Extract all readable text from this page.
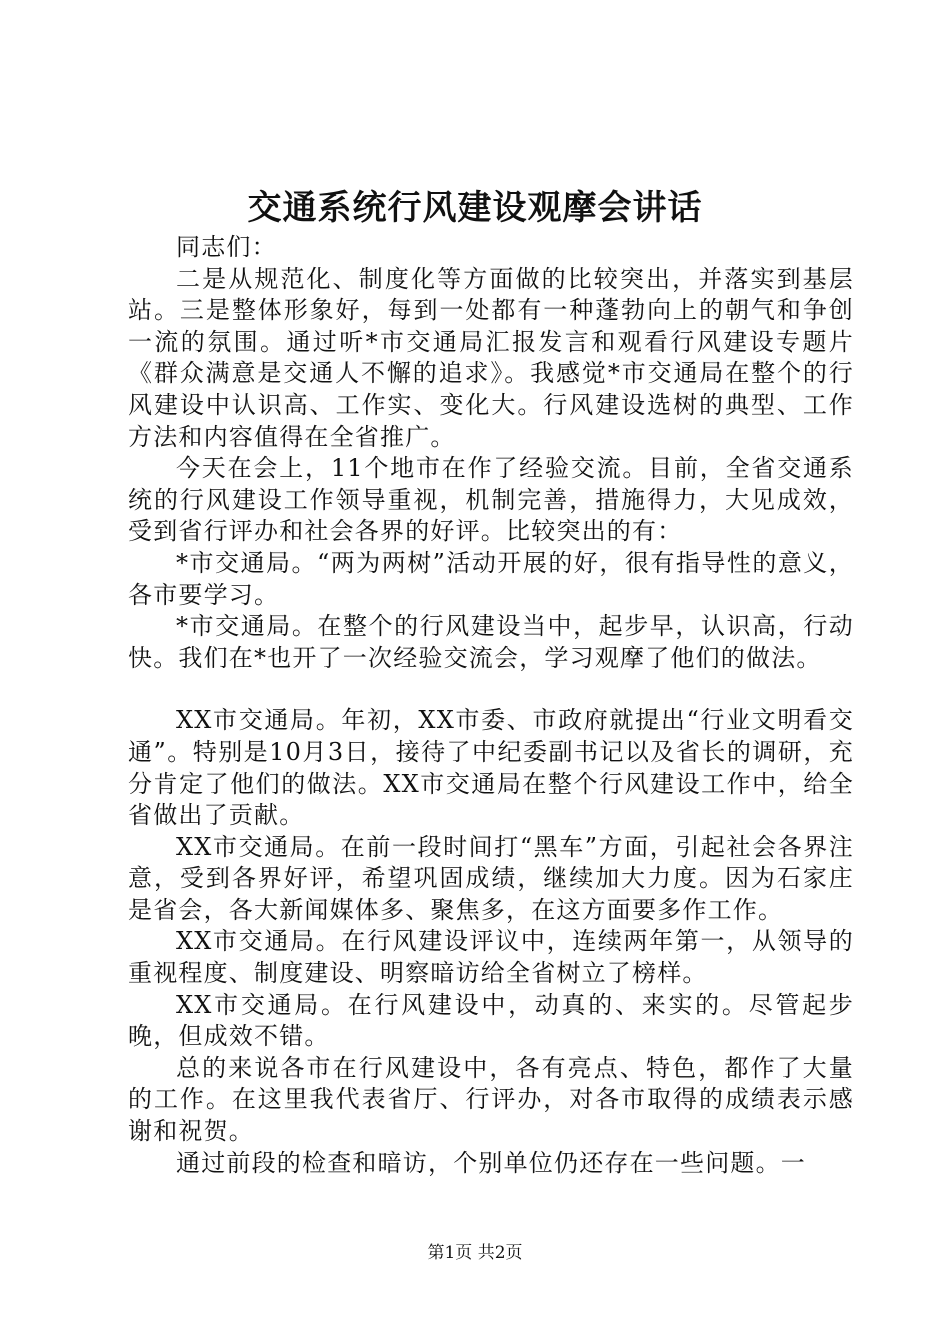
交通系统行风建设观摩会讲话

同志们：

二是从规范化、制度化等方面做的比较突出，并落实到基层站。三是整体形象好，每到一处都有一种蓬勃向上的朝气和争创一流的氛围。通过听*市交通局汇报发言和观看行风建设专题片《群众满意是交通人不懈的追求》。我感觉*市交通局在整个的行风建设中认识高、工作实、变化大。行风建设选树的典型、工作方法和内容值得在全省推广。

今天在会上，11个地市在作了经验交流。目前，全省交通系统的行风建设工作领导重视，机制完善，措施得力，大见成效，受到省行评办和社会各界的好评。比较突出的有：

*市交通局。“两为两树”活动开展的好，很有指导性的意义，各市要学习。

*市交通局。在整个的行风建设当中，起步早，认识高，行动快。我们在*也开了一次经验交流会，学习观摩了他们的做法。

XX市交通局。年初，XX市委、市政府就提出“行业文明看交通”。特别是10月3日，接待了中纪委副书记以及省长的调研，充分肯定了他们的做法。XX市交通局在整个行风建设工作中，给全省做出了贡献。

XX市交通局。在前一段时间打“黑车”方面，引起社会各界注意，受到各界好评，希望巩固成绩，继续加大力度。因为石家庄是省会，各大新闻媒体多、聚焦多，在这方面要多作工作。

XX市交通局。在行风建设评议中，连续两年第一，从领导的重视程度、制度建设、明察暗访给全省树立了榜样。

XX市交通局。在行风建设中，动真的、来实的。尽管起步晚，但成效不错。

总的来说各市在行风建设中，各有亮点、特色，都作了大量的工作。在这里我代表省厅、行评办，对各市取得的成绩表示感谢和祝贺。

通过前段的检查和暗访，个别单位仍还存在一些问题。一

第1页 共2页
